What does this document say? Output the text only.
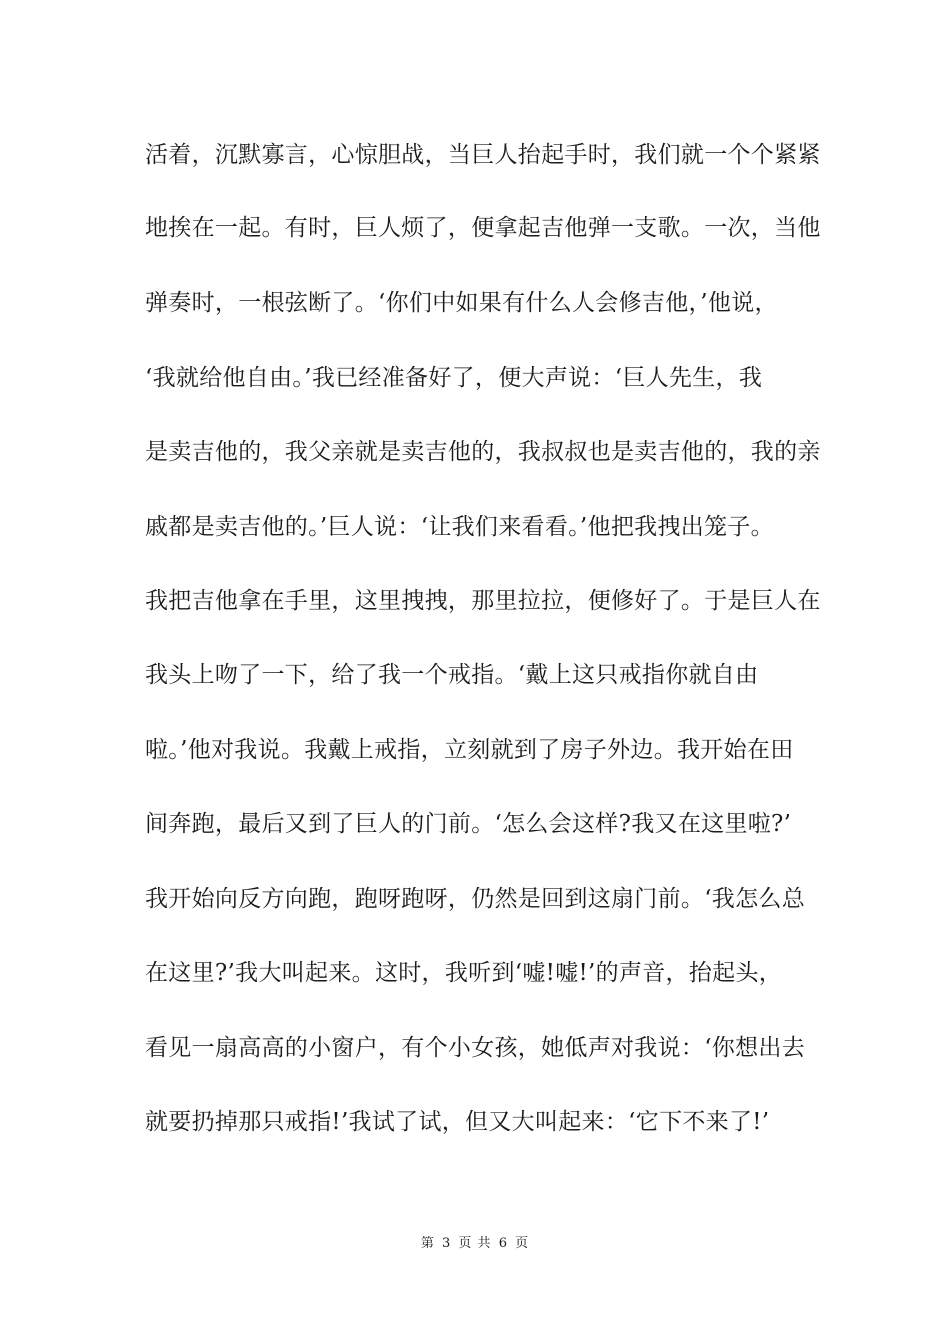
活着，沉默寡言，心惊胆战，当巨人抬起手时，我们就一个个紧紧
地挨在一起。有时，巨人烦了，便拿起吉他弹一支歌。一次，当他
弹奏时，一根弦断了。‘你们中如果有什么人会修吉他，’他说，
‘我就给他自由。’我已经准备好了，便大声说：‘巨人先生，我
是卖吉他的，我父亲就是卖吉他的，我叔叔也是卖吉他的，我的亲
戚都是卖吉他的。’巨人说：‘让我们来看看。’他把我拽出笼子。
我把吉他拿在手里，这里拽拽，那里拉拉，便修好了。于是巨人在
我头上吻了一下，给了我一个戒指。‘戴上这只戒指你就自由
啦。’他对我说。我戴上戒指，立刻就到了房子外边。我开始在田
间奔跑，最后又到了巨人的门前。‘怎么会这样?我又在这里啦?’
我开始向反方向跑，跑呀跑呀，仍然是回到这扇门前。‘我怎么总
在这里?’我大叫起来。这时，我听到‘嘘!嘘!’的声音，抬起头，
看见一扇高高的小窗户，有个小女孩，她低声对我说：‘你想出去
就要扔掉那只戒指!’我试了试，但又大叫起来：‘它下不来了!’
第 3 页 共 6 页
